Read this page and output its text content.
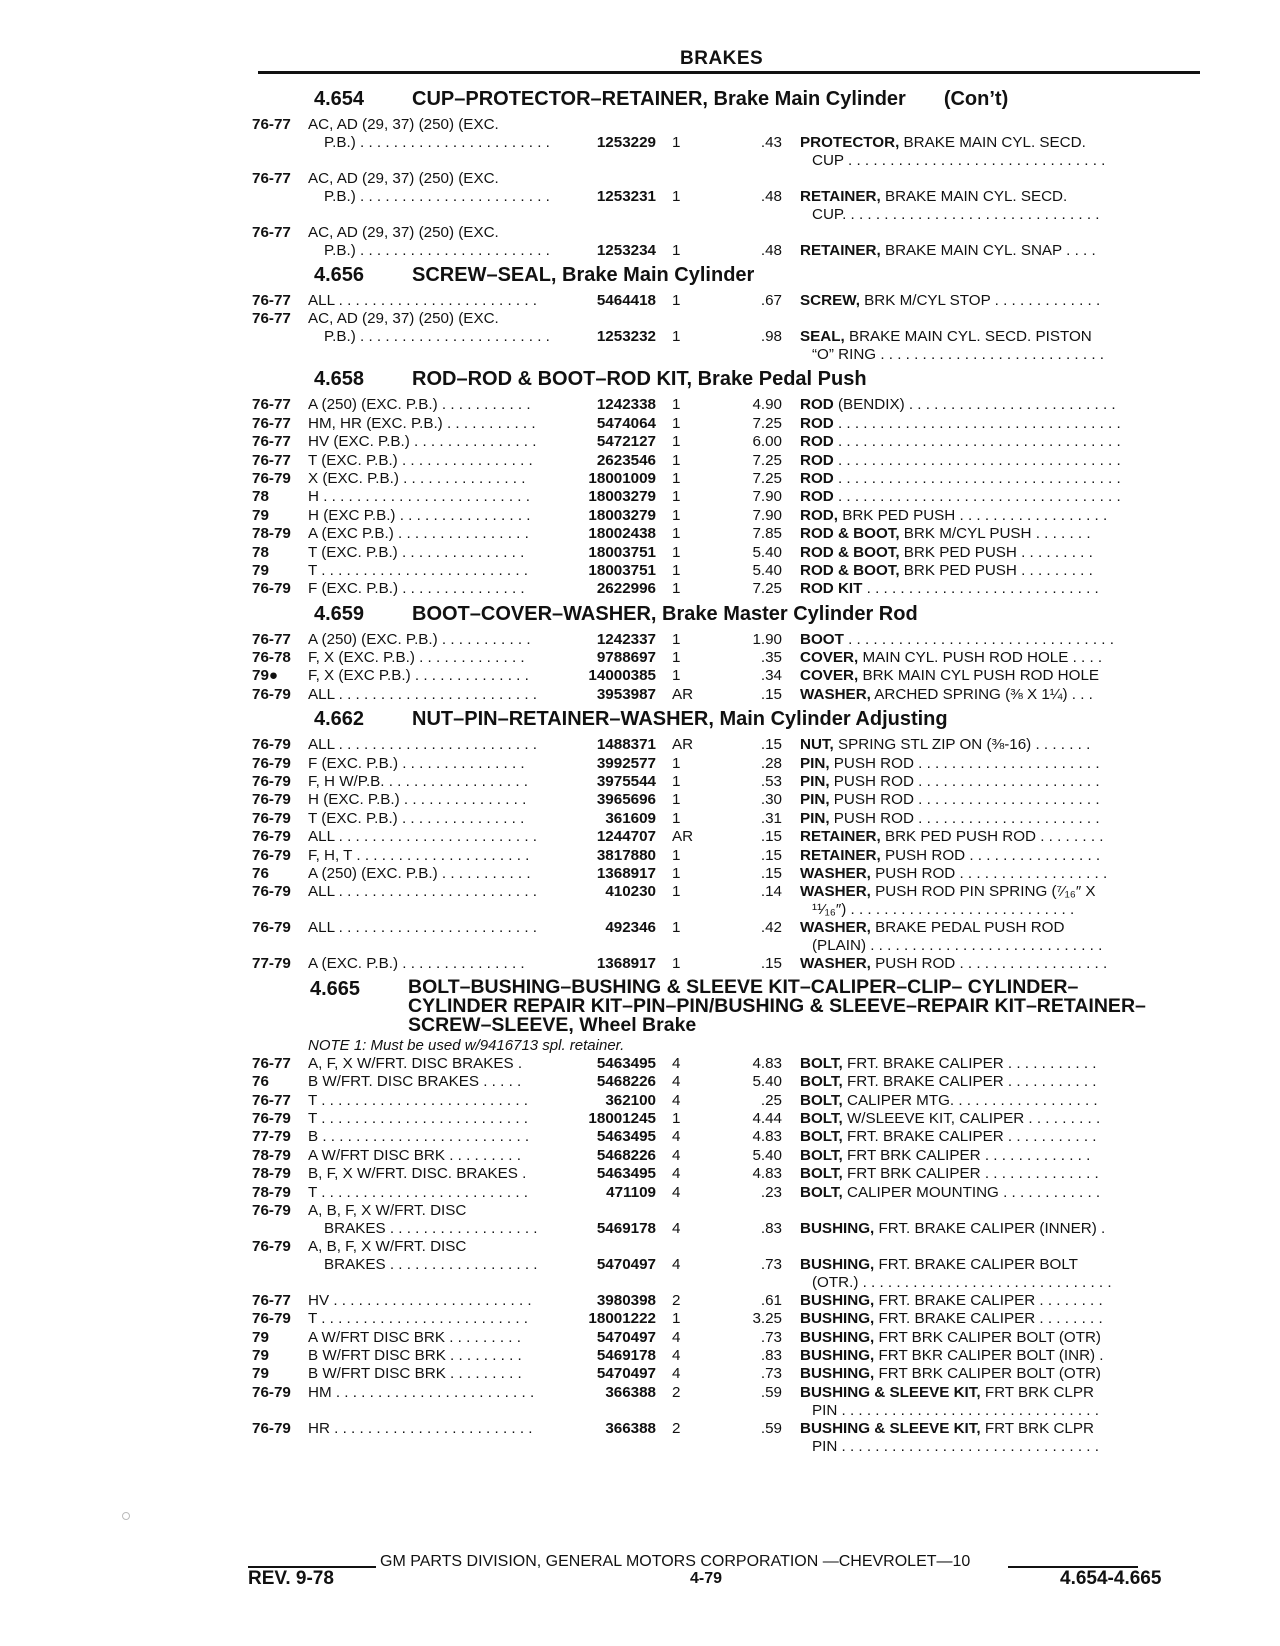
BRAKES
4.654 CUP–PROTECTOR–RETAINER, Brake Main Cylinder (Con’t)
76-77	AC, AD (29, 37) (250) (EXC.
P.B.) . . . . . . . . . . . . . . . . . . . . . . .	1253229 1	.43 PROTECTOR, BRAKE MAIN CYL. SECD.
CUP . . . . . . . . . . . . . . . . . . . . . . . . . . . . . . .
76-77	AC, AD (29, 37) (250) (EXC.
P.B.) . . . . . . . . . . . . . . . . . . . . . . .	1253231 1	.48 RETAINER, BRAKE MAIN CYL. SECD.
CUP. . . . . . . . . . . . . . . . . . . . . . . . . . . . . . .
76-77	AC, AD (29, 37) (250) (EXC.
P.B.) . . . . . . . . . . . . . . . . . . . . . . .	1253234 1	.48 RETAINER, BRAKE MAIN CYL. SNAP . . . .
4.656 SCREW–SEAL, Brake Main Cylinder
76-77	ALL . . . . . . . . . . . . . . . . . . . . . . . .	5464418 1	.67 SCREW, BRK M/CYL STOP . . . . . . . . . . . . .
76-77	AC, AD (29, 37) (250) (EXC.
P.B.) . . . . . . . . . . . . . . . . . . . . . . .	1253232 1	.98 SEAL, BRAKE MAIN CYL. SECD. PISTON
“O” RING . . . . . . . . . . . . . . . . . . . . . . . . . . .
4.658 ROD–ROD & BOOT–ROD KIT, Brake Pedal Push
76-77	A (250) (EXC. P.B.) . . . . . . . . . . .	1242338 1	4.90 ROD (BENDIX) . . . . . . . . . . . . . . . . . . . . . . . . .
76-77	HM, HR (EXC. P.B.) . . . . . . . . . . .	5474064 1	7.25 ROD . . . . . . . . . . . . . . . . . . . . . . . . . . . . . . . . . .
76-77	HV (EXC. P.B.) . . . . . . . . . . . . . . .	5472127 1	6.00 ROD . . . . . . . . . . . . . . . . . . . . . . . . . . . . . . . . . .
76-77	T (EXC. P.B.) . . . . . . . . . . . . . . . .	2623546 1	7.25 ROD . . . . . . . . . . . . . . . . . . . . . . . . . . . . . . . . . .
76-79	X (EXC. P.B.) . . . . . . . . . . . . . . .	18001009 1	7.25 ROD . . . . . . . . . . . . . . . . . . . . . . . . . . . . . . . . . .
78	H . . . . . . . . . . . . . . . . . . . . . . . . .	18003279 1	7.90 ROD . . . . . . . . . . . . . . . . . . . . . . . . . . . . . . . . . .
79	H (EXC P.B.) . . . . . . . . . . . . . . . .	18003279 1	7.90 ROD, BRK PED PUSH . . . . . . . . . . . . . . . . . .
78-79	A (EXC P.B.) . . . . . . . . . . . . . . . .	18002438 1	7.85 ROD & BOOT, BRK M/CYL PUSH . . . . . . .
78	T (EXC. P.B.) . . . . . . . . . . . . . . .	18003751 1	5.40 ROD & BOOT, BRK PED PUSH . . . . . . . . .
79	T . . . . . . . . . . . . . . . . . . . . . . . . .	18003751 1	5.40 ROD & BOOT, BRK PED PUSH . . . . . . . . .
76-79	F (EXC. P.B.) . . . . . . . . . . . . . . .	2622996 1	7.25 ROD KIT . . . . . . . . . . . . . . . . . . . . . . . . . . . .
4.659 BOOT–COVER–WASHER, Brake Master Cylinder Rod
76-77	A (250) (EXC. P.B.) . . . . . . . . . . .	1242337 1	1.90 BOOT . . . . . . . . . . . . . . . . . . . . . . . . . . . . . . . .
76-78	F, X (EXC. P.B.) . . . . . . . . . . . . .	9788697 1	.35 COVER, MAIN CYL. PUSH ROD HOLE . . . .
79●	F, X (EXC P.B.) . . . . . . . . . . . . . .	14000385 1	.34 COVER, BRK MAIN CYL PUSH ROD HOLE
76-79	ALL . . . . . . . . . . . . . . . . . . . . . . . .	3953987 AR	.15 WASHER, ARCHED SPRING (⅜ X 1¼) . . .
4.662 NUT–PIN–RETAINER–WASHER, Main Cylinder Adjusting
76-79	ALL . . . . . . . . . . . . . . . . . . . . . . . .	1488371 AR	.15 NUT, SPRING STL ZIP ON (⅜-16) . . . . . . .
76-79	F (EXC. P.B.) . . . . . . . . . . . . . . .	3992577 1	.28 PIN, PUSH ROD . . . . . . . . . . . . . . . . . . . . . .
76-79	F, H W/P.B. . . . . . . . . . . . . . . . . .	3975544 1	.53 PIN, PUSH ROD . . . . . . . . . . . . . . . . . . . . . .
76-79	H (EXC. P.B.) . . . . . . . . . . . . . . .	3965696 1	.30 PIN, PUSH ROD . . . . . . . . . . . . . . . . . . . . . .
76-79	T (EXC. P.B.) . . . . . . . . . . . . . . .	361609 1	.31 PIN, PUSH ROD . . . . . . . . . . . . . . . . . . . . . .
76-79	ALL . . . . . . . . . . . . . . . . . . . . . . . .	1244707 AR	.15 RETAINER, BRK PED PUSH ROD . . . . . . . .
76-79	F, H, T . . . . . . . . . . . . . . . . . . . . .	3817880 1	.15 RETAINER, PUSH ROD . . . . . . . . . . . . . . . .
76	A (250) (EXC. P.B.) . . . . . . . . . . .	1368917 1	.15 WASHER, PUSH ROD . . . . . . . . . . . . . . . . . .
76-79	ALL . . . . . . . . . . . . . . . . . . . . . . . .	410230 1	.14 WASHER, PUSH ROD PIN SPRING (⁷⁄₁₆″ X
¹¹⁄₁₆″) . . . . . . . . . . . . . . . . . . . . . . . . . . .
76-79	ALL . . . . . . . . . . . . . . . . . . . . . . . .	492346 1	.42 WASHER, BRAKE PEDAL PUSH ROD
(PLAIN) . . . . . . . . . . . . . . . . . . . . . . . . . . . .
77-79	A (EXC. P.B.) . . . . . . . . . . . . . . .	1368917 1	.15 WASHER, PUSH ROD . . . . . . . . . . . . . . . . . .
4.665 BOLT–BUSHING–BUSHING & SLEEVE KIT–CALIPER–CLIP– CYLINDER–CYLINDER REPAIR KIT–PIN–PIN/BUSHING & SLEEVE–REPAIR KIT–RETAINER–SCREW–SLEEVE, Wheel Brake
NOTE 1: Must be used w/9416713 spl. retainer.
76-77	A, F, X W/FRT. DISC BRAKES .	5463495 4	4.83 BOLT, FRT. BRAKE CALIPER . . . . . . . . . . .
76	B W/FRT. DISC BRAKES . . . . .	5468226 4	5.40 BOLT, FRT. BRAKE CALIPER . . . . . . . . . . .
76-77	T . . . . . . . . . . . . . . . . . . . . . . . . .	362100 4	.25 BOLT, CALIPER MTG. . . . . . . . . . . . . . . . . .
76-79	T . . . . . . . . . . . . . . . . . . . . . . . . .	18001245 1	4.44 BOLT, W/SLEEVE KIT, CALIPER . . . . . . . . .
77-79	B . . . . . . . . . . . . . . . . . . . . . . . . .	5463495 4	4.83 BOLT, FRT. BRAKE CALIPER . . . . . . . . . . .
78-79	A W/FRT DISC BRK . . . . . . . . .	5468226 4	5.40 BOLT, FRT BRK CALIPER . . . . . . . . . . . . .
78-79	B, F, X W/FRT. DISC. BRAKES .	5463495 4	4.83 BOLT, FRT BRK CALIPER . . . . . . . . . . . . . .
78-79	T . . . . . . . . . . . . . . . . . . . . . . . . .	471109 4	.23 BOLT, CALIPER MOUNTING . . . . . . . . . . . .
76-79	A, B, F, X W/FRT. DISC
BRAKES . . . . . . . . . . . . . . . . . .	5469178 4	.83 BUSHING, FRT. BRAKE CALIPER (INNER) .
76-79	A, B, F, X W/FRT. DISC
BRAKES . . . . . . . . . . . . . . . . . .	5470497 4	.73 BUSHING, FRT. BRAKE CALIPER BOLT
(OTR.) . . . . . . . . . . . . . . . . . . . . . . . . . . . . . .
76-77	HV . . . . . . . . . . . . . . . . . . . . . . . .	3980398 2	.61 BUSHING, FRT. BRAKE CALIPER . . . . . . . .
76-79	T . . . . . . . . . . . . . . . . . . . . . . . . .	18001222 1	3.25 BUSHING, FRT. BRAKE CALIPER . . . . . . . .
79	A W/FRT DISC BRK . . . . . . . . .	5470497 4	.73 BUSHING, FRT BRK CALIPER BOLT (OTR)
79	B W/FRT DISC BRK . . . . . . . . .	5469178 4	.83 BUSHING, FRT BKR CALIPER BOLT (INR) .
79	B W/FRT DISC BRK . . . . . . . . .	5470497 4	.73 BUSHING, FRT BRK CALIPER BOLT (OTR)
76-79	HM . . . . . . . . . . . . . . . . . . . . . . . .	366388 2	.59 BUSHING & SLEEVE KIT, FRT BRK CLPR
PIN . . . . . . . . . . . . . . . . . . . . . . . . . . . . . . .
76-79	HR . . . . . . . . . . . . . . . . . . . . . . . .	366388 2	.59 BUSHING & SLEEVE KIT, FRT BRK CLPR
PIN . . . . . . . . . . . . . . . . . . . . . . . . . . . . . . .
GM PARTS DIVISION, GENERAL MOTORS CORPORATION —CHEVROLET—10
REV. 9-78	4-79	4.654-4.665
